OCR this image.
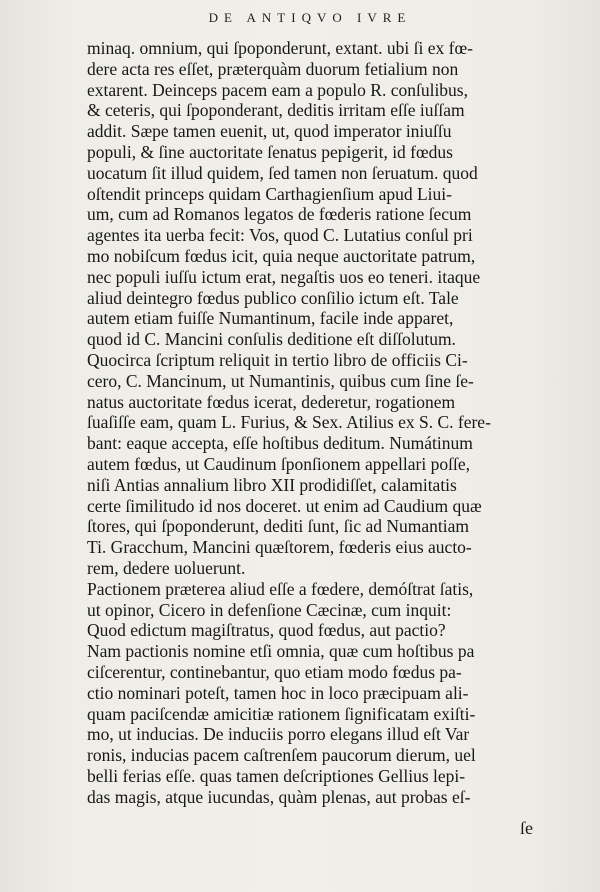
DE ANTIQVO IVRE
minaq. omnium, qui ſpoponderunt, extant. ubi ſi ex fœ-
dere acta res eſſet, præterquàm duorum fetialium non
extarent. Deinceps pacem eam a populo R. conſulibus,
& ceteris, qui ſpoponderant, deditis irritam eſſe iuſſam
addit. Sæpe tamen euenit, ut, quod imperator iniuſſu
populi, & ſine auctoritate ſenatus pepigerit, id fœdus
uocatum ſit illud quidem, ſed tamen non ſeruatum. quod
oſtendit princeps quidam Carthagienſium apud Liui-
um, cum ad Romanos legatos de fœderis ratione ſecum
agentes ita uerba fecit: Vos, quod C. Lutatius conſul pri
mo nobiſcum fœdus icit, quia neque auctoritate patrum,
nec populi iuſſu ictum erat, negaſtis uos eo teneri. itaque
aliud deintegro fœdus publico conſilio ictum eſt. Tale
autem etiam fuiſſe Numantinum, facile inde apparet,
quod id C. Mancini conſulis deditione eſt diſſolutum.
Quocirca ſcriptum reliquit in tertio libro de officiis Ci-
cero, C. Mancinum, ut Numantinis, quibus cum ſine ſe-
natus auctoritate fœdus icerat, dederetur, rogationem
ſuaſiſſe eam, quam L. Furius, & Sex. Atilius ex S. C. fere-
bant: eaque accepta, eſſe hoſtibus deditum. Numátinum
autem fœdus, ut Caudinum ſponſionem appellari poſſe,
niſi Antias annalium libro XII prodidiſſet, calamitatis
certe ſimilitudo id nos doceret. ut enim ad Caudium quæ
ſtores, qui ſpoponderunt, dediti ſunt, ſic ad Numantiam
Ti. Gracchum, Mancini quæſtorem, fœderis eius aucto-
rem, dedere uoluerunt.
Pactionem præterea aliud eſſe a fœdere, demóſtrat ſatis,
ut opinor, Cicero in defenſione Cæcinæ, cum inquit:
Quod edictum magiſtratus, quod fœdus, aut pactio?
Nam pactionis nomine etſi omnia, quæ cum hoſtibus pa
ciſcerentur, continebantur, quo etiam modo fœdus pa-
ctio nominari poteſt, tamen hoc in loco præcipuam ali-
quam paciſcendæ amicitiæ rationem ſignificatam exiſti-
mo, ut inducias. De induciis porro elegans illud eſt Var
ronis, inducias pacem caſtrenſem paucorum dierum, uel
belli ferias eſſe. quas tamen deſcriptiones Gellius lepi-
das magis, atque iucundas, quàm plenas, aut probas eſ-
ſe
